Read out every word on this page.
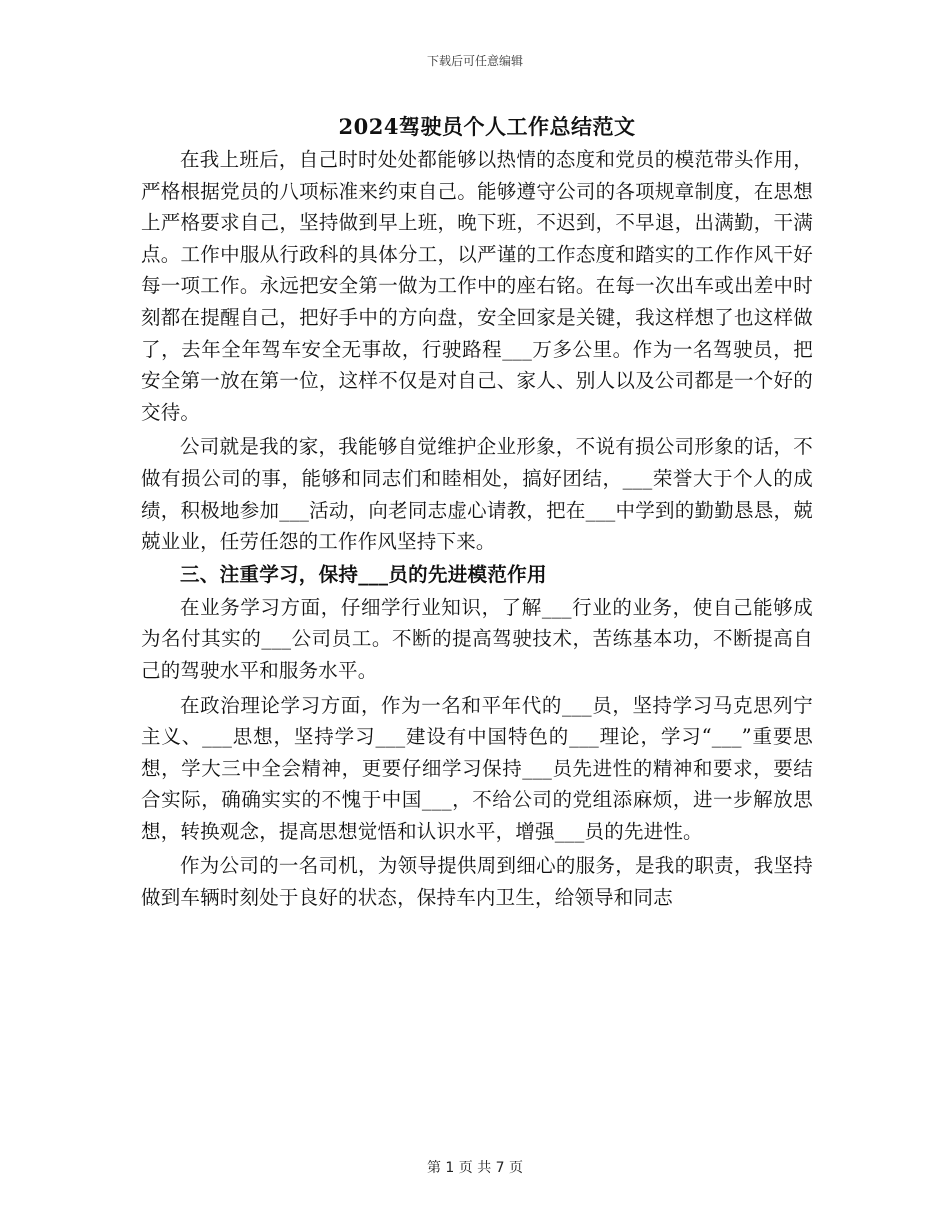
下载后可任意编辑
2024驾驶员个人工作总结范文

在我上班后，自己时时处处都能够以热情的态度和党员的模范带头作用，严格根据党员的八项标准来约束自己。能够遵守公司的各项规章制度，在思想上严格要求自己，坚持做到早上班，晚下班，不迟到，不早退，出满勤，干满点。工作中服从行政科的具体分工，以严谨的工作态度和踏实的工作作风干好每一项工作。永远把安全第一做为工作中的座右铭。在每一次出车或出差中时刻都在提醒自己，把好手中的方向盘，安全回家是关键，我这样想了也这样做了，去年全年驾车安全无事故，行驶路程___万多公里。作为一名驾驶员，把安全第一放在第一位，这样不仅是对自己、家人、别人以及公司都是一个好的交待。

公司就是我的家，我能够自觉维护企业形象，不说有损公司形象的话，不做有损公司的事，能够和同志们和睦相处，搞好团结，___荣誉大于个人的成绩，积极地参加___活动，向老同志虚心请教，把在___中学到的勤勤恳恳，兢兢业业，任劳任怨的工作作风坚持下来。

三、注重学习，保持___员的先进模范作用

在业务学习方面，仔细学行业知识，了解___行业的业务，使自己能够成为名付其实的___公司员工。不断的提高驾驶技术，苦练基本功，不断提高自己的驾驶水平和服务水平。

在政治理论学习方面，作为一名和平年代的___员，坚持学习马克思列宁主义、___思想，坚持学习___建设有中国特色的___理论，学习“___”重要思想，学大三中全会精神，更要仔细学习保持___员先进性的精神和要求，要结合实际，确确实实的不愧于中国___，不给公司的党组添麻烦，进一步解放思想，转换观念，提高思想觉悟和认识水平，增强___员的先进性。

作为公司的一名司机，为领导提供周到细心的服务，是我的职责，我坚持做到车辆时刻处于良好的状态，保持车内卫生，给领导和同志

第 1 页 共 7 页
